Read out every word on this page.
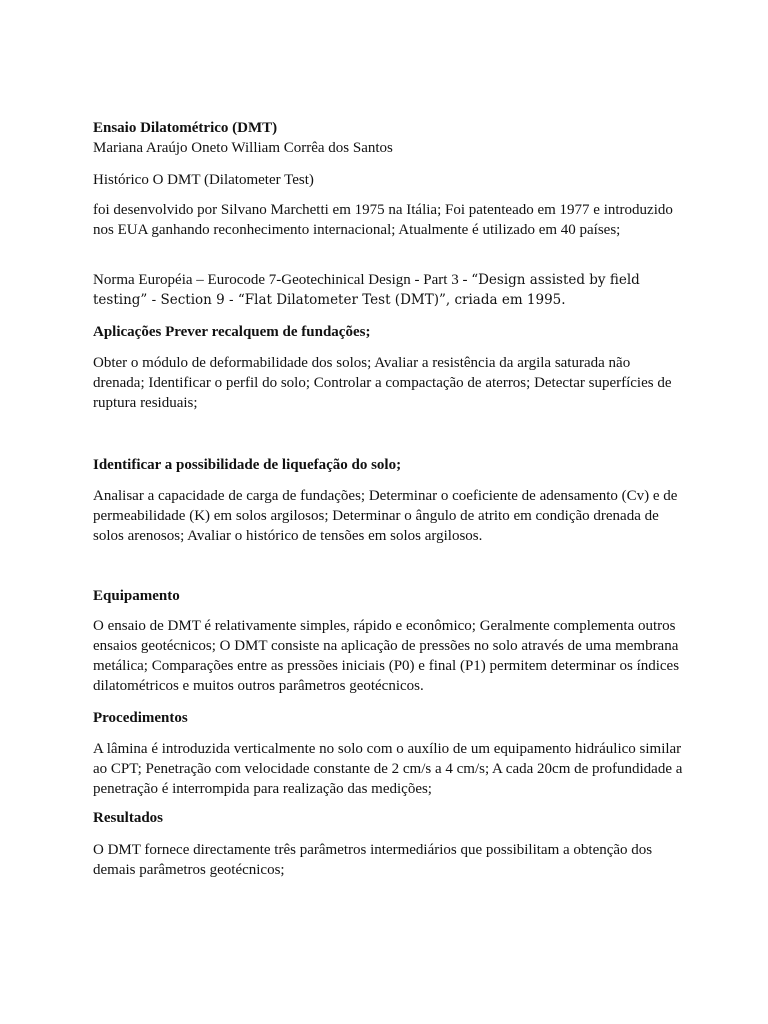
Ensaio Dilatométrico (DMT)

Mariana Araújo Oneto William Corrêa dos Santos

Histórico O DMT (Dilatometer Test)

foi desenvolvido por Silvano Marchetti em 1975 na Itália; Foi patenteado em 1977 e introduzido nos EUA ganhando reconhecimento internacional; Atualmente é utilizado em 40 países;

Norma Européia – Eurocode 7-Geotechinical Design - Part 3 - “Design assisted by field testing” - Section 9 - “Flat Dilatometer Test (DMT)”, criada em 1995.

Aplicações Prever recalquem de fundações;

Obter o módulo de deformabilidade dos solos; Avaliar a resistência da argila saturada não drenada; Identificar o perfil do solo; Controlar a compactação de aterros; Detectar superfícies de ruptura residuais;

Identificar a possibilidade de liquefação do solo;

Analisar a capacidade de carga de fundações; Determinar o coeficiente de adensamento (Cv) e de permeabilidade (K) em solos argilosos; Determinar o ângulo de atrito em condição drenada de solos arenosos; Avaliar o histórico de tensões em solos argilosos.

Equipamento

O ensaio de DMT é relativamente simples, rápido e econômico; Geralmente complementa outros ensaios geotécnicos; O DMT consiste na aplicação de pressões no solo através de uma membrana metálica; Comparações entre as pressões iniciais (P0) e final (P1) permitem determinar os índices dilatométricos e muitos outros parâmetros geotécnicos.

Procedimentos

A lâmina é introduzida verticalmente no solo com o auxílio de um equipamento hidráulico similar ao CPT; Penetração com velocidade constante de 2 cm/s a 4 cm/s; A cada 20cm de profundidade a penetração é interrompida para realização das medições;

Resultados

O DMT fornece directamente três parâmetros intermediários que possibilitam a obtenção dos demais parâmetros geotécnicos;
